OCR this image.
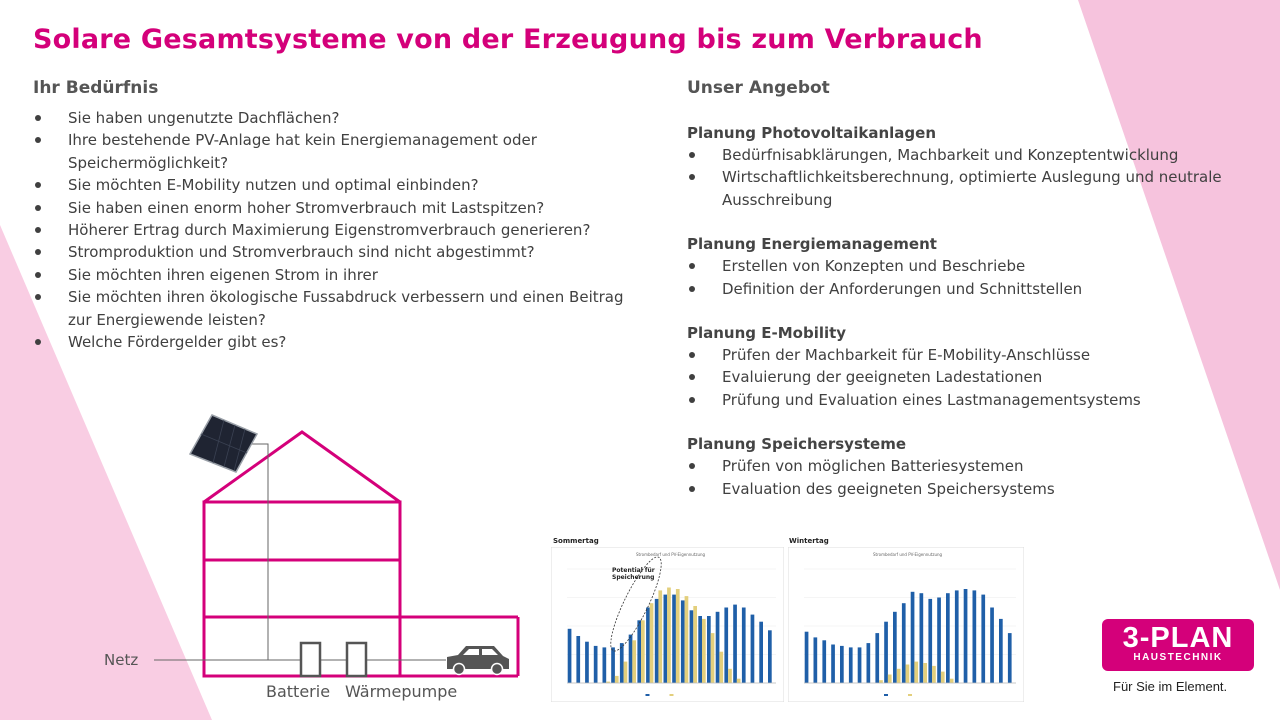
Solare Gesamtsysteme von der Erzeugung bis zum Verbrauch
Ihr Bedürfnis
Sie haben ungenutzte Dachflächen?
Ihre bestehende PV-Anlage hat kein Energiemanagement oder Speichermöglichkeit?
Sie möchten E-Mobility nutzen und optimal einbinden?
Sie haben einen enorm hoher Stromverbrauch mit Lastspitzen?
Höherer Ertrag durch Maximierung Eigenstromverbrauch generieren?
Stromproduktion und Stromverbrauch sind nicht abgestimmt?
Sie möchten ihren eigenen Strom in ihrer
Sie möchten ihren ökologische Fussabdruck verbessern und einen Beitrag zur Energiewende leisten?
Welche Fördergelder gibt es?
Unser Angebot
Planung Photovoltaikanlagen
Bedürfnisabklärungen, Machbarkeit und Konzeptentwicklung
Wirtschaftlichkeitsberechnung, optimierte Auslegung und neutrale Ausschreibung
Planung Energiemanagement
Erstellen von Konzepten und Beschriebe
Definition der Anforderungen und Schnittstellen
Planung E-Mobility
Prüfen der Machbarkeit für E-Mobility-Anschlüsse
Evaluierung der geeigneten Ladestationen
Prüfung und Evaluation eines Lastmanagementsystems
Planung Speichersysteme
Prüfen von möglichen Batteriesystemen
Evaluation des geeigneten Speichersystems
Netz
Batterie Wärmepumpe
Sommertag	Wintertag
Strombedarf und PV-Eigennutzung	Strombedarf und PV-Eigennutzung
Potential für Speicherung
3-PLAN
HAUSTECHNIK
Für Sie im Element.
